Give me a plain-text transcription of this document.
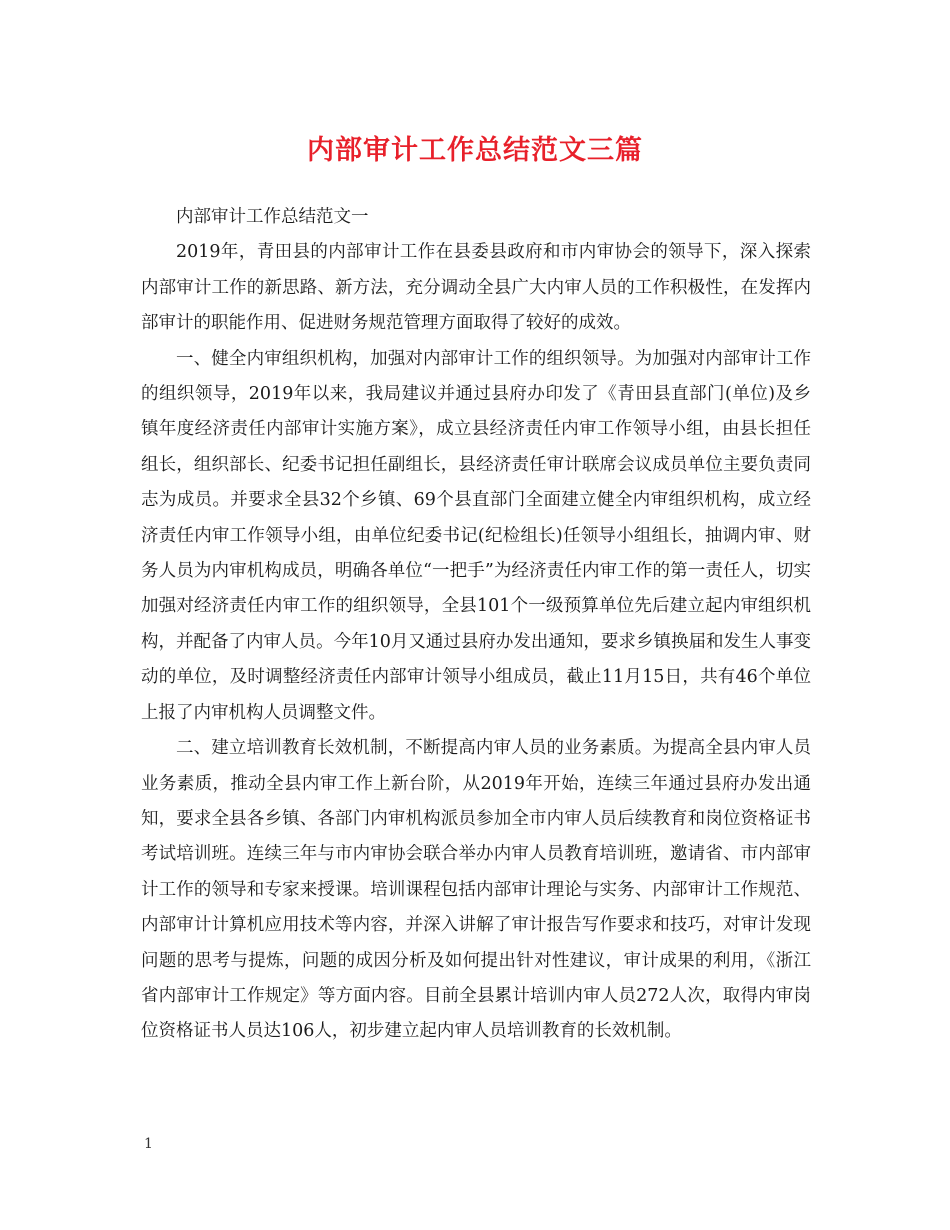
内部审计工作总结范文三篇

内部审计工作总结范文一

2019年，青田县的内部审计工作在县委县政府和市内审协会的领导下，深入探索内部审计工作的新思路、新方法，充分调动全县广大内审人员的工作积极性，在发挥内部审计的职能作用、促进财务规范管理方面取得了较好的成效。

一、健全内审组织机构，加强对内部审计工作的组织领导。为加强对内部审计工作的组织领导，2019年以来，我局建议并通过县府办印发了《青田县直部门(单位)及乡镇年度经济责任内部审计实施方案》，成立县经济责任内审工作领导小组，由县长担任组长，组织部长、纪委书记担任副组长，县经济责任审计联席会议成员单位主要负责同志为成员。并要求全县32个乡镇、69个县直部门全面建立健全内审组织机构，成立经济责任内审工作领导小组，由单位纪委书记(纪检组长)任领导小组组长，抽调内审、财务人员为内审机构成员，明确各单位“一把手”为经济责任内审工作的第一责任人，切实加强对经济责任内审工作的组织领导，全县101个一级预算单位先后建立起内审组织机构，并配备了内审人员。今年10月又通过县府办发出通知，要求乡镇换届和发生人事变动的单位，及时调整经济责任内部审计领导小组成员，截止11月15日，共有46个单位上报了内审机构人员调整文件。

二、建立培训教育长效机制，不断提高内审人员的业务素质。为提高全县内审人员业务素质，推动全县内审工作上新台阶，从2019年开始，连续三年通过县府办发出通知，要求全县各乡镇、各部门内审机构派员参加全市内审人员后续教育和岗位资格证书考试培训班。连续三年与市内审协会联合举办内审人员教育培训班，邀请省、市内部审计工作的领导和专家来授课。培训课程包括内部审计理论与实务、内部审计工作规范、内部审计计算机应用技术等内容，并深入讲解了审计报告写作要求和技巧，对审计发现问题的思考与提炼，问题的成因分析及如何提出针对性建议，审计成果的利用，《浙江省内部审计工作规定》等方面内容。目前全县累计培训内审人员272人次，取得内审岗位资格证书人员达106人，初步建立起内审人员培训教育的长效机制。

1
